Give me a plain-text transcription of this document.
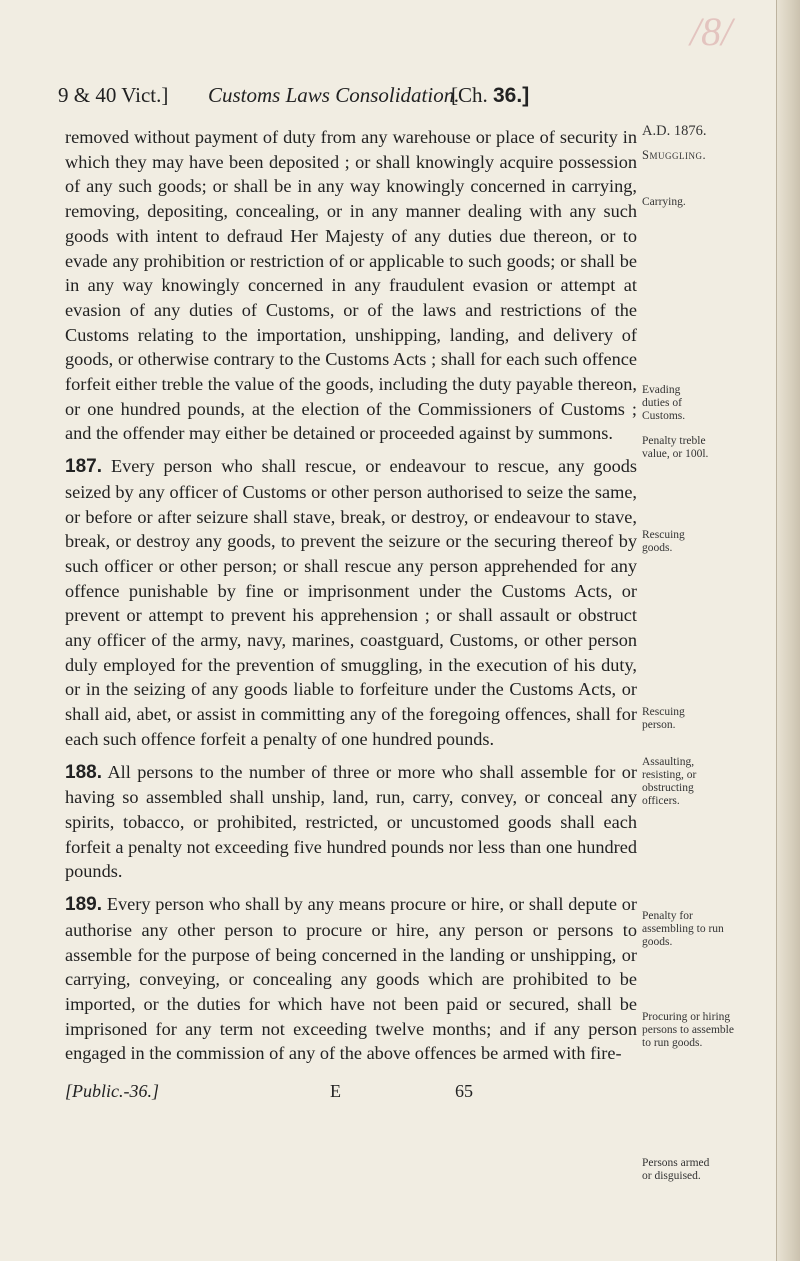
/8/
9 & 40 Vict.] Customs Laws Consolidation.
[Ch. 36.]

removed without payment of duty from any warehouse or place of security in which they may have been deposited ; or shall knowingly acquire possession of any such goods; or shall be in any way knowingly concerned in carrying, removing, depositing, concealing, or in any manner dealing with any such goods with intent to defraud Her Majesty of any duties due thereon, or to evade any prohibition or restriction of or applicable to such goods; or shall be in any way knowingly concerned in any fraudulent evasion or attempt at evasion of any duties of Customs, or of the laws and restrictions of the Customs relating to the importation, unshipping, landing, and delivery of goods, or otherwise contrary to the Customs Acts ; shall for each such offence forfeit either treble the value of the goods, including the duty payable thereon, or one hundred pounds, at the election of the Commissioners of Customs ; and the offender may either be detained or proceeded against by summons.

187. Every person who shall rescue, or endeavour to rescue, any goods seized by any officer of Customs or other person authorised to seize the same, or before or after seizure shall stave, break, or destroy, or endeavour to stave, break, or destroy any goods, to prevent the seizure or the securing thereof by such officer or other person; or shall rescue any person apprehended for any offence punishable by fine or imprisonment under the Customs Acts, or prevent or attempt to prevent his apprehension ; or shall assault or obstruct any officer of the army, navy, marines, coastguard, Customs, or other person duly employed for the prevention of smuggling, in the execution of his duty, or in the seizing of any goods liable to forfeiture under the Customs Acts, or shall aid, abet, or assist in committing any of the foregoing offences, shall for each such offence forfeit a penalty of one hundred pounds.

188. All persons to the number of three or more who shall assemble for or having so assembled shall unship, land, run, carry, convey, or conceal any spirits, tobacco, or prohibited, restricted, or uncustomed goods shall each forfeit a penalty not exceeding five hundred pounds nor less than one hundred pounds.

189. Every person who shall by any means procure or hire, or shall depute or authorise any other person to procure or hire, any person or persons to assemble for the purpose of being concerned in the landing or unshipping, or carrying, conveying, or concealing any goods which are prohibited to be imported, or the duties for which have not been paid or secured, shall be imprisoned for any term not exceeding twelve months; and if any person engaged in the commission of any of the above offences be armed with fire-

A.D. 1876.
Smuggling.
Carrying.
Evading duties of Customs.
Penalty treble value, or 100l.
Rescuing goods.
Rescuing person.
Assaulting, resisting, or obstructing officers.
Penalty for assembling to run goods.
Procuring or hiring persons to assemble to run goods.
Persons armed or disguised.
[Public.-36.]	E	65
